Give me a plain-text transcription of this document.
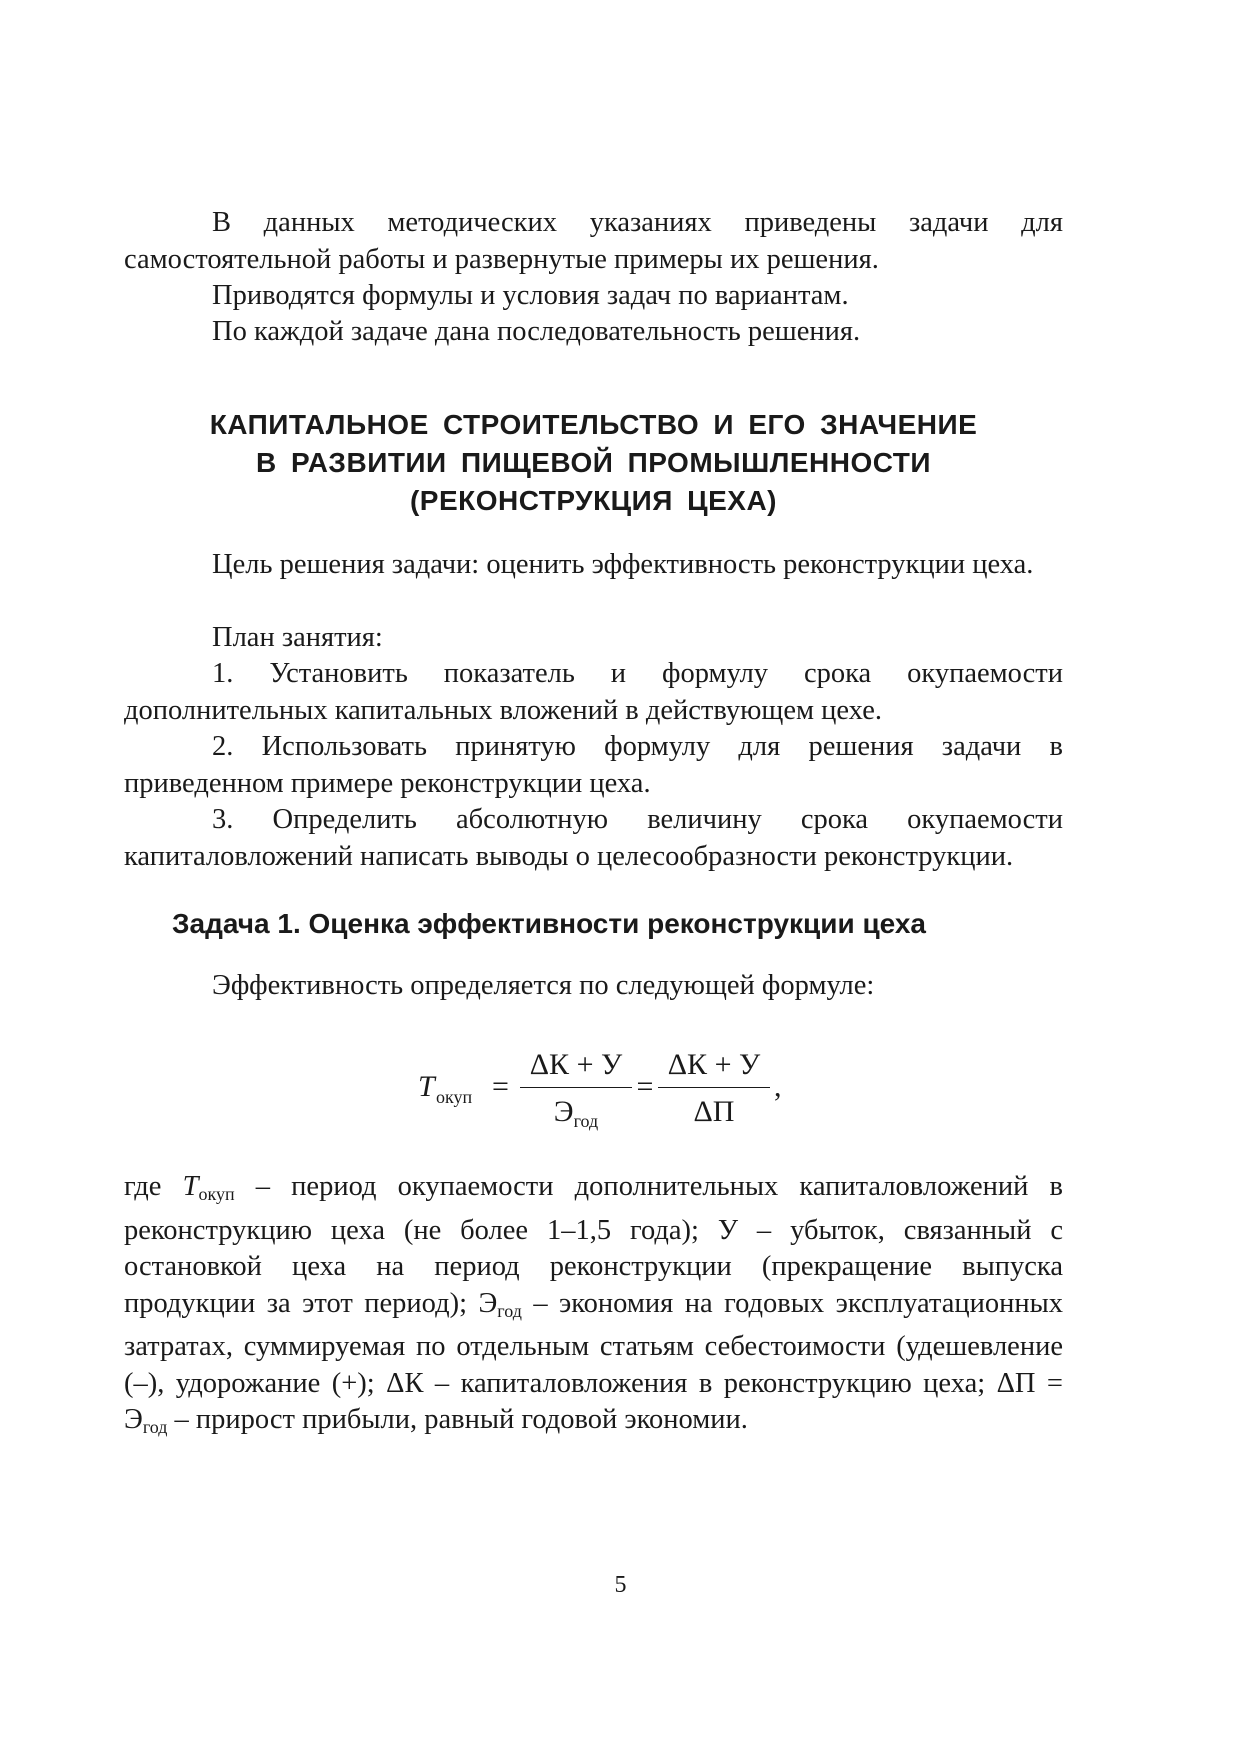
В данных методических указаниях приведены задачи для самостоятельной работы и развернутые примеры их решения.

Приводятся формулы и условия задач по вариантам.

По каждой задаче дана последовательность решения.

КАПИТАЛЬНОЕ СТРОИТЕЛЬСТВО И ЕГО ЗНАЧЕНИЕ
В РАЗВИТИИ ПИЩЕВОЙ ПРОМЫШЛЕННОСТИ
(РЕКОНСТРУКЦИЯ ЦЕХА)

Цель решения задачи: оценить эффективность реконструкции цеха.

План занятия:

1. Установить показатель и формулу срока окупаемости дополнительных капитальных вложений в действующем цехе.

2. Использовать принятую формулу для решения задачи в приведенном примере реконструкции цеха.

3. Определить абсолютную величину срока окупаемости капиталовложений написать выводы о целесообразности реконструкции.

Задача 1. Оценка эффективности реконструкции цеха

Эффективность определяется по следующей формуле:

T окуп =
ΔК + У
$Э_{год}$
=
ΔК + У
ΔП
,

где Tокуп – период окупаемости дополнительных капиталовложений в реконструкцию цеха (не более 1–1,5 года); У – убыток, связанный с остановкой цеха на период реконструкции (прекращение выпуска продукции за этот период); Эгод – экономия на годовых эксплуатационных затратах, суммируемая по отдельным статьям себестоимости (удешевление (–), удорожание (+); ΔК – капиталовложения в реконструкцию цеха; ΔП = Эгод – прирост прибыли, равный годовой экономии.

5
